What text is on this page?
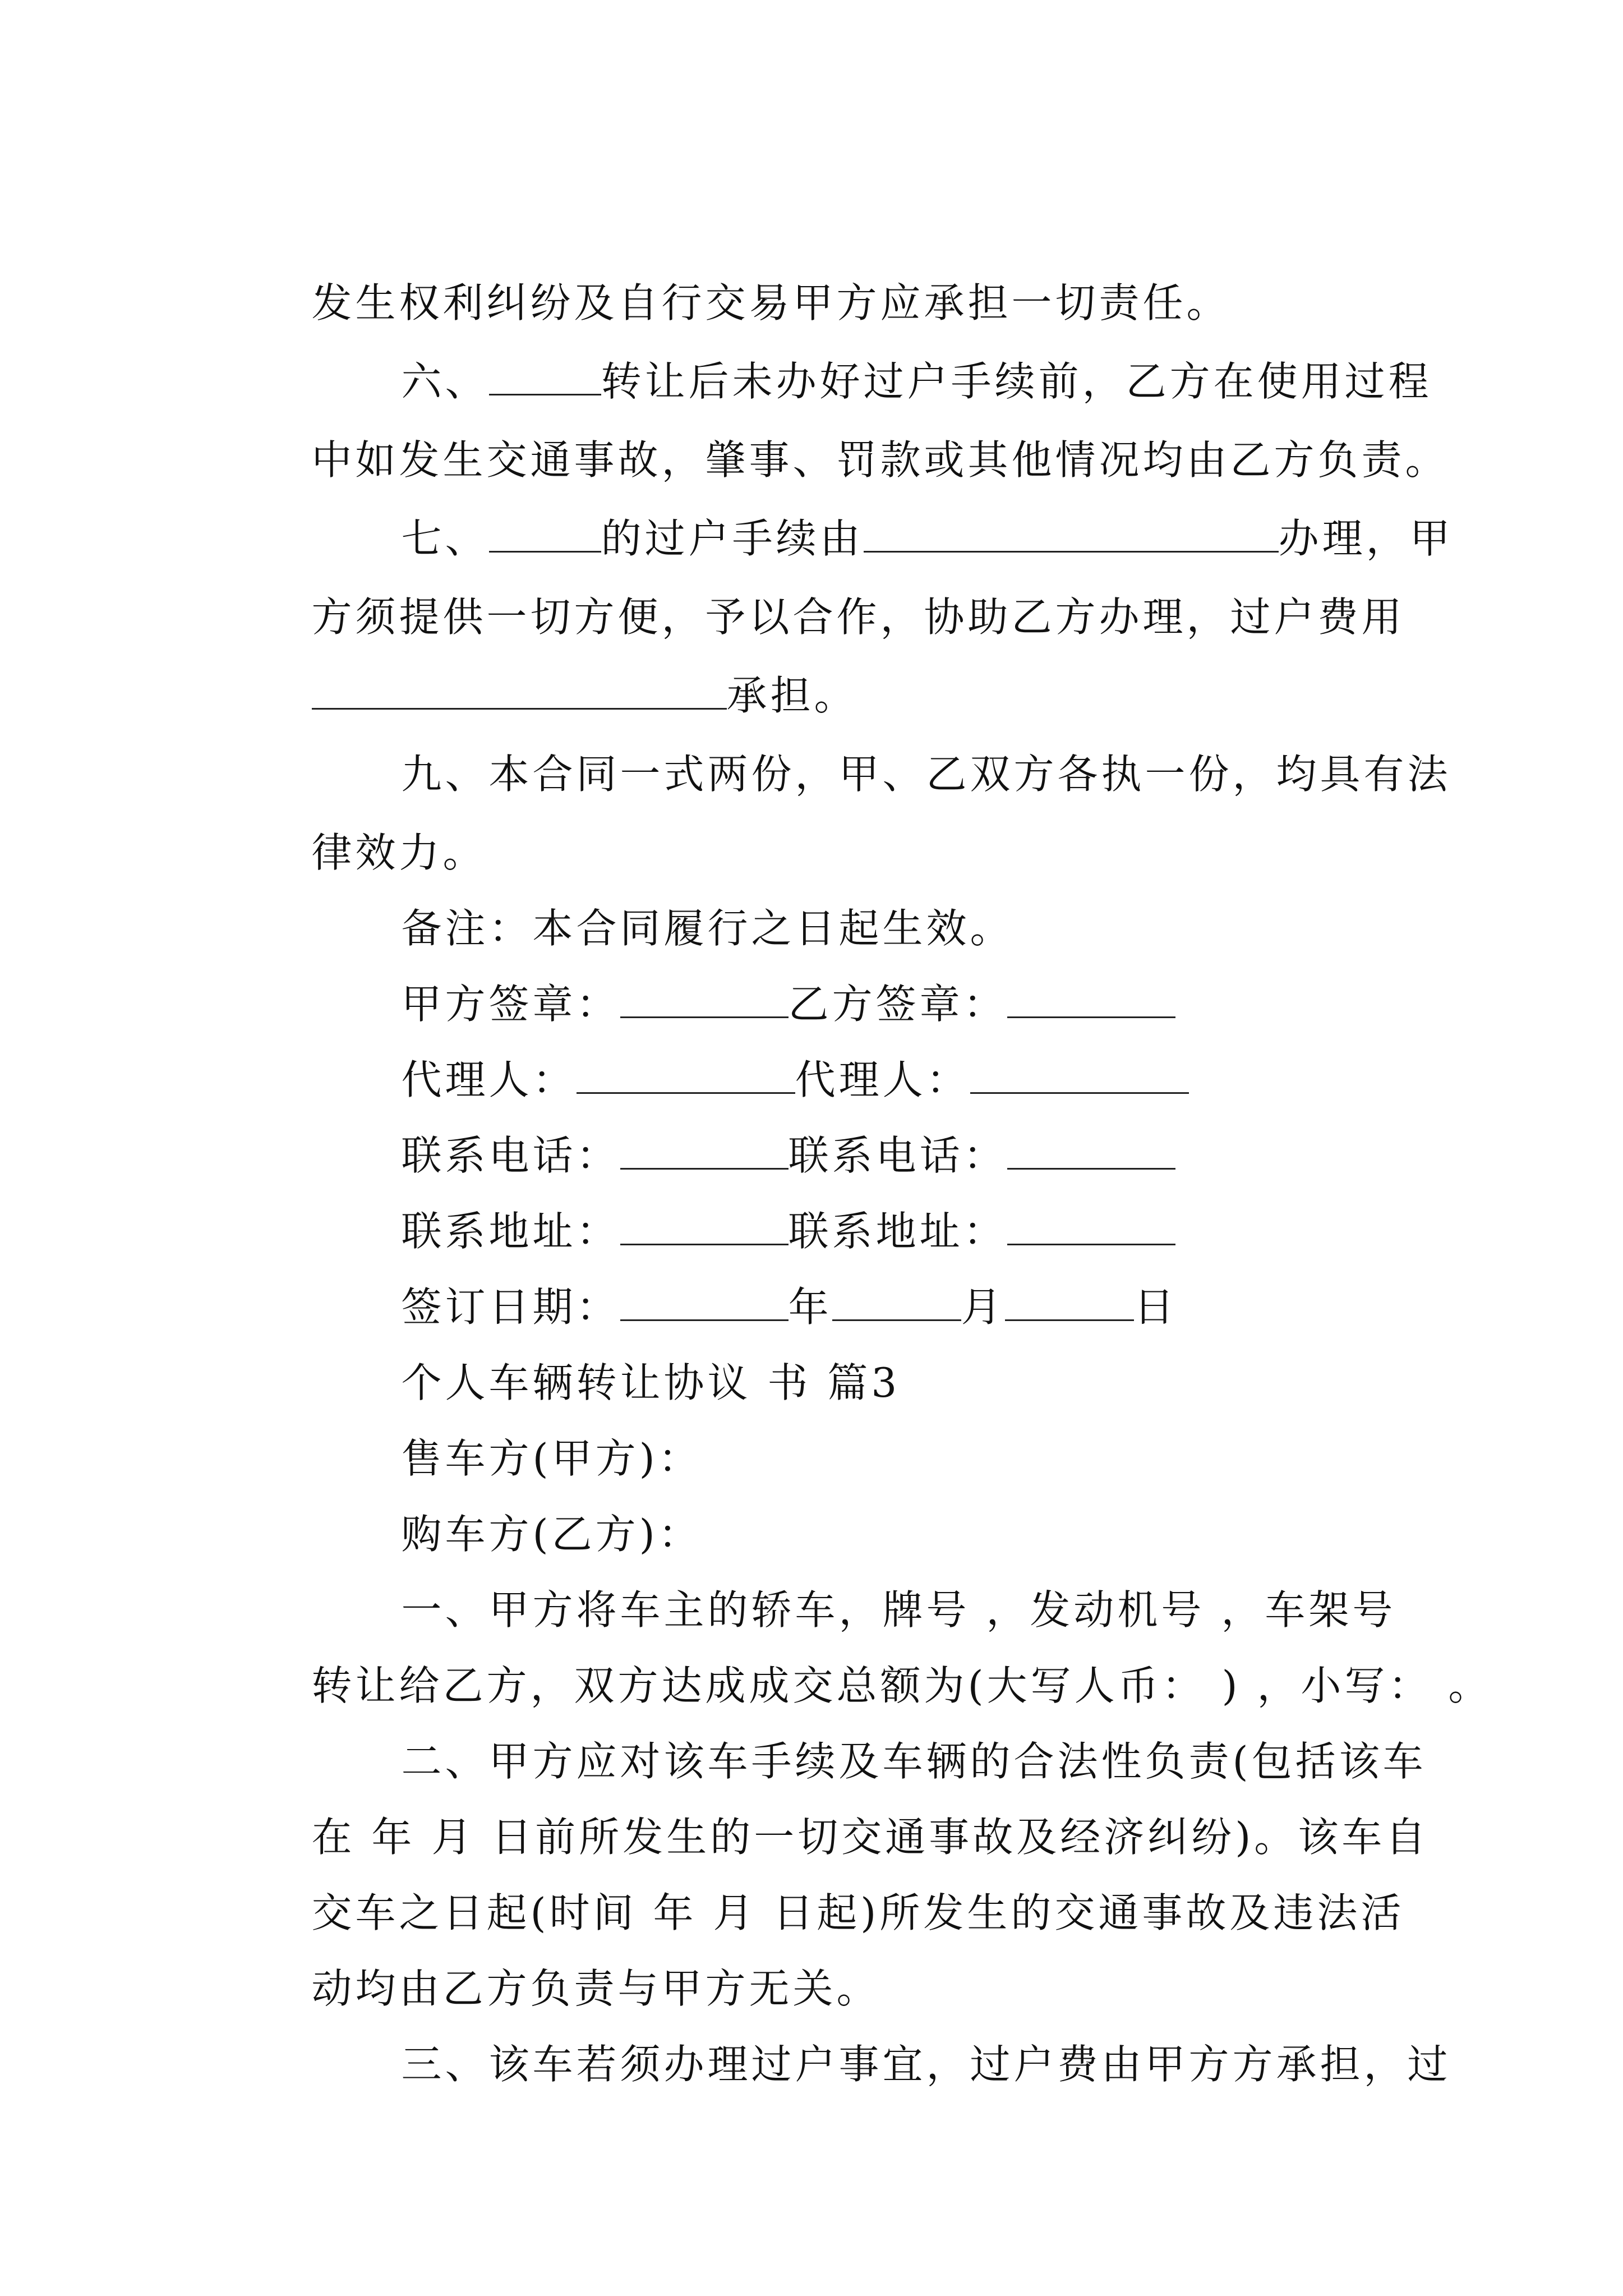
发生权利纠纷及自行交易甲方应承担一切责任。

六、	转让后未办好过户手续前，乙方在使用过程

中如发生交通事故，肇事、罚款或其他情况均由乙方负责。

七、	的过户手续由	办理，甲

方须提供一切方便，予以合作，协助乙方办理，过户费用

承担。

九、本合同一式两份，甲、乙双方各执一份，均具有法

律效力。

备注：本合同履行之日起生效。

甲方签章：	乙方签章：

代理人：	代理人：

联系电话：	联系电话：

联系地址：	联系地址：

签订日期：	年	月	日

个人车辆转让协议 书 篇3

售车方(甲方)：

购车方(乙方)：

一、甲方将车主的轿车，牌号 ，发动机号 ，车架号

转让给乙方，双方达成成交总额为(大写人币： ) ，小写： 。

二、甲方应对该车手续及车辆的合法性负责(包括该车

在 年 月 日前所发生的一切交通事故及经济纠纷)。该车自

交车之日起(时间 年 月 日起)所发生的交通事故及违法活

动均由乙方负责与甲方无关。

三、该车若须办理过户事宜，过户费由甲方方承担，过
